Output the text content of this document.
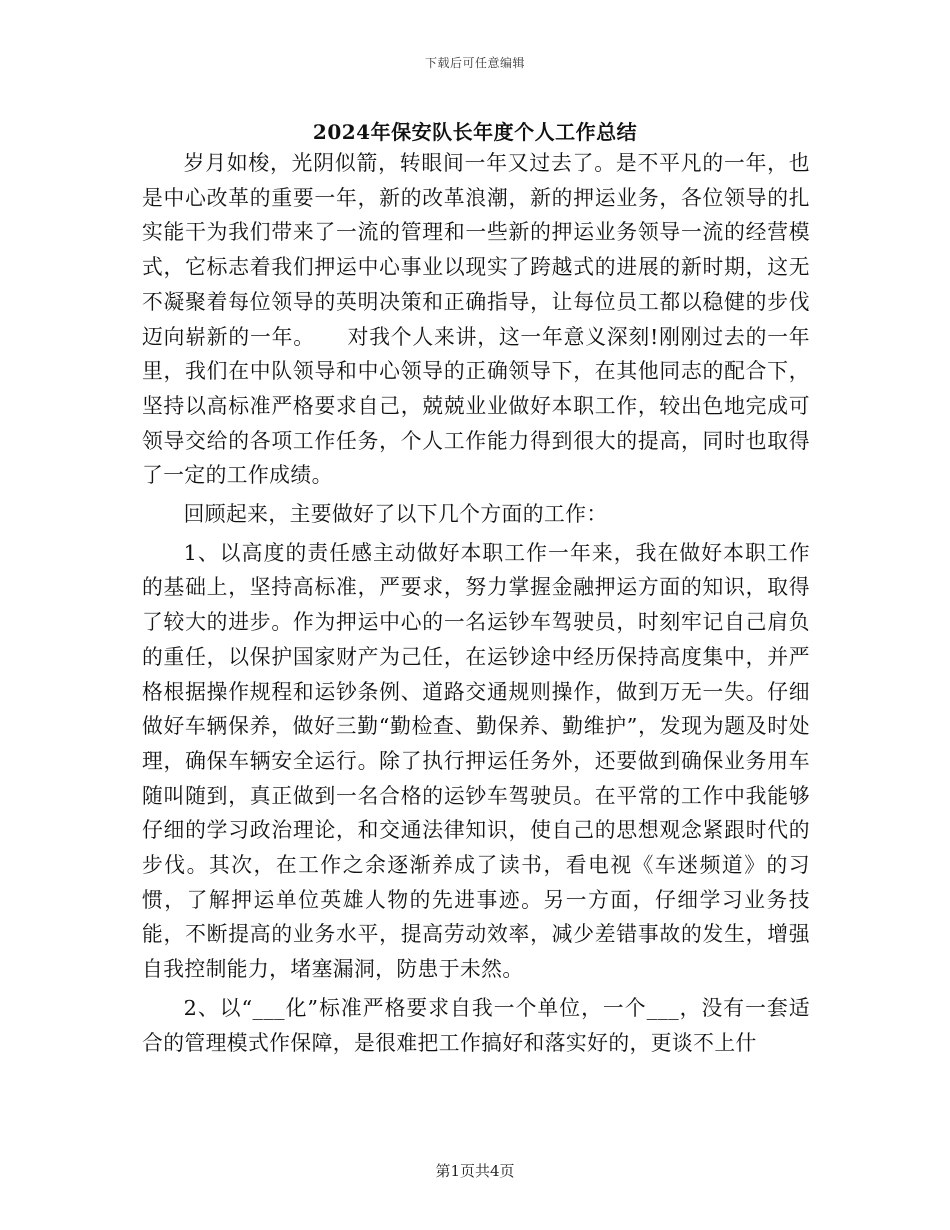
下载后可任意编辑
2024年保安队长年度个人工作总结

岁月如梭，光阴似箭，转眼间一年又过去了。是不平凡的一年，也是中心改革的重要一年，新的改革浪潮，新的押运业务，各位领导的扎实能干为我们带来了一流的管理和一些新的押运业务领导一流的经营模式，它标志着我们押运中心事业以现实了跨越式的进展的新时期，这无不凝聚着每位领导的英明决策和正确指导，让每位员工都以稳健的步伐迈向崭新的一年。　　对我个人来讲，这一年意义深刻!刚刚过去的一年里，我们在中队领导和中心领导的正确领导下，在其他同志的配合下，坚持以高标准严格要求自己，兢兢业业做好本职工作，较出色地完成可领导交给的各项工作任务，个人工作能力得到很大的提高，同时也取得了一定的工作成绩。

回顾起来，主要做好了以下几个方面的工作：

1、以高度的责任感主动做好本职工作一年来，我在做好本职工作的基础上，坚持高标准，严要求，努力掌握金融押运方面的知识，取得了较大的进步。作为押运中心的一名运钞车驾驶员，时刻牢记自己肩负的重任，以保护国家财产为己任，在运钞途中经历保持高度集中，并严格根据操作规程和运钞条例、道路交通规则操作，做到万无一失。仔细做好车辆保养，做好三勤“勤检查、勤保养、勤维护”，发现为题及时处理，确保车辆安全运行。除了执行押运任务外，还要做到确保业务用车随叫随到，真正做到一名合格的运钞车驾驶员。在平常的工作中我能够仔细的学习政治理论，和交通法律知识，使自己的思想观念紧跟时代的步伐。其次，在工作之余逐渐养成了读书，看电视《车迷频道》的习惯，了解押运单位英雄人物的先进事迹。另一方面，仔细学习业务技能，不断提高的业务水平，提高劳动效率，减少差错事故的发生，增强自我控制能力，堵塞漏洞，防患于未然。

2、以“___化”标准严格要求自我一个单位，一个___，没有一套适合的管理模式作保障，是很难把工作搞好和落实好的，更谈不上什

第1页共4页
